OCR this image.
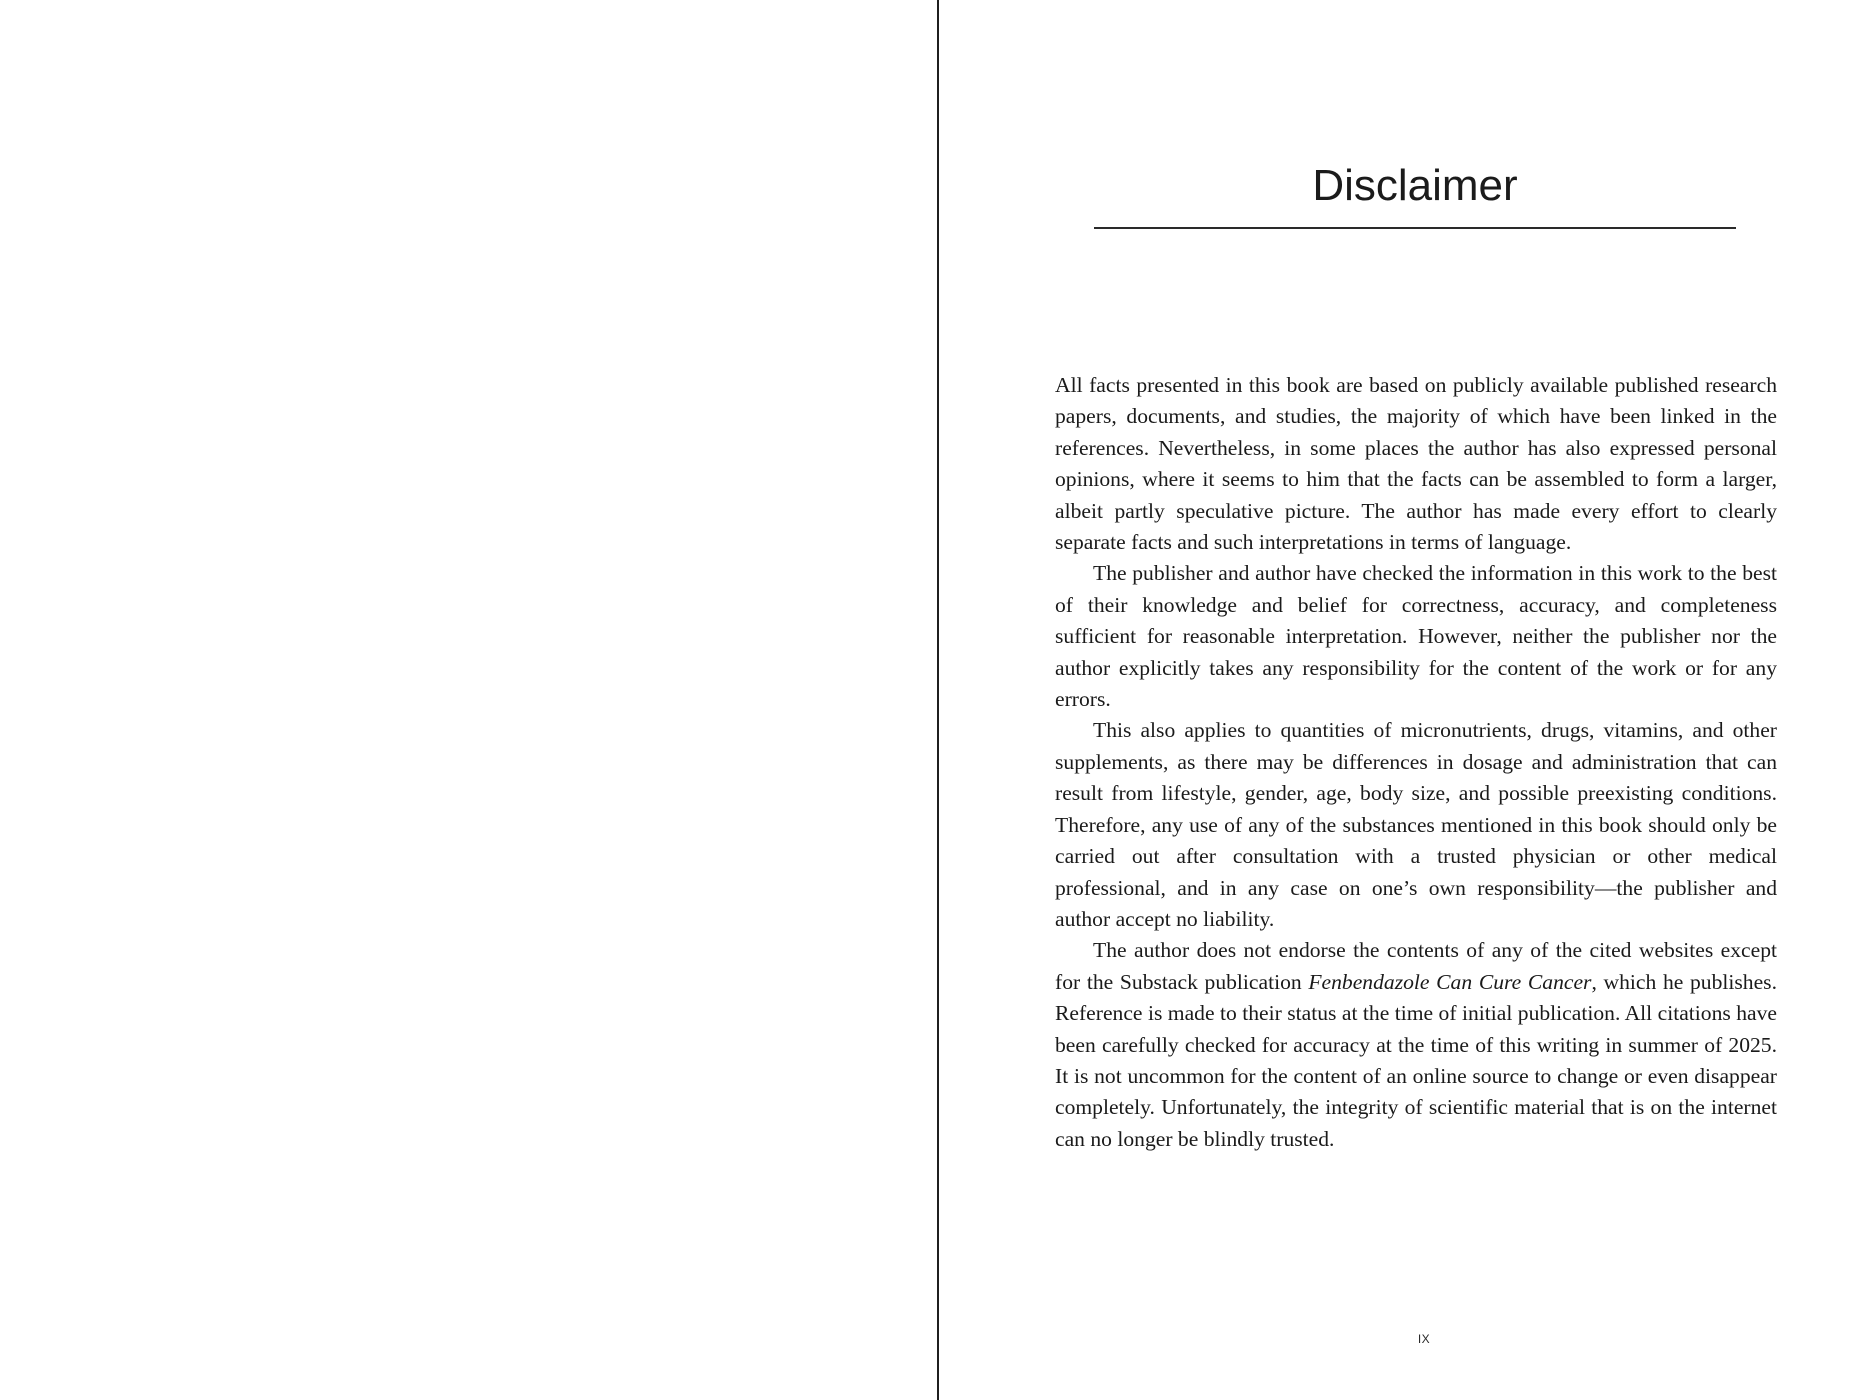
Disclaimer

All facts presented in this book are based on publicly available published research papers, documents, and studies, the majority of which have been linked in the references. Nevertheless, in some places the author has also expressed personal opinions, where it seems to him that the facts can be assembled to form a larger, albeit partly speculative picture. The author has made every effort to clearly separate facts and such interpretations in terms of language.

The publisher and author have checked the information in this work to the best of their knowledge and belief for correctness, accuracy, and completeness sufficient for reasonable interpretation. However, neither the publisher nor the author explicitly takes any responsibility for the content of the work or for any errors.

This also applies to quantities of micronutrients, drugs, vitamins, and other supplements, as there may be differences in dosage and administration that can result from lifestyle, gender, age, body size, and possible preexisting conditions. Therefore, any use of any of the substances mentioned in this book should only be carried out after consultation with a trusted physician or other medical professional, and in any case on one’s own responsibility—the publisher and author accept no liability.

The author does not endorse the contents of any of the cited websites except for the Substack publication Fenbendazole Can Cure Cancer, which he publishes. Reference is made to their status at the time of initial publication. All citations have been carefully checked for accuracy at the time of this writing in summer of 2025. It is not uncommon for the content of an online source to change or even disappear completely. Unfortunately, the integrity of scientific material that is on the internet can no longer be blindly trusted.

IX
